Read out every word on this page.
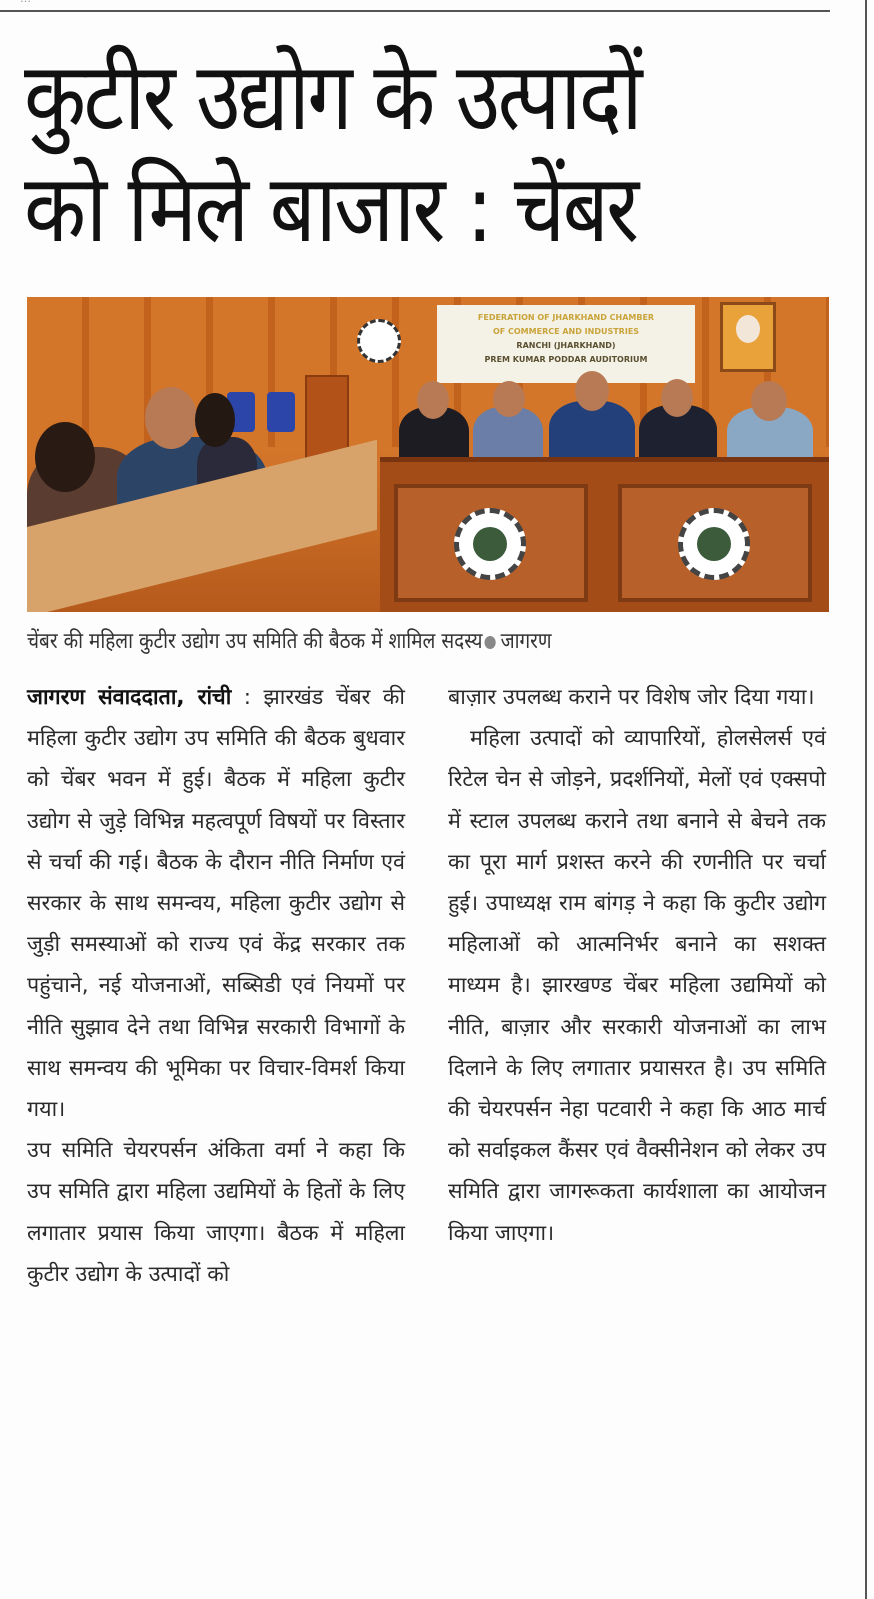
कुटीर उद्योग के उत्पादों
को मिले बाजार : चेंबर
FEDERATION OF JHARKHAND CHAMBER
OF COMMERCE AND INDUSTRIES
RANCHI (JHARKHAND)
PREM KUMAR PODDAR AUDITORIUM
चेंबर की महिला कुटीर उद्योग उप समिति की बैठक में शामिल सदस्य जागरण

जागरण संवाददाता, रांची : झारखंड चेंबर की महिला कुटीर उद्योग उप समिति की बैठक बुधवार को चेंबर भवन में हुई। बैठक में महिला कुटीर उद्योग से जुड़े विभिन्न महत्वपूर्ण विषयों पर विस्तार से चर्चा की गई। बैठक के दौरान नीति निर्माण एवं सरकार के साथ समन्वय, महिला कुटीर उद्योग से जुड़ी समस्याओं को राज्य एवं केंद्र सरकार तक पहुंचाने, नई योजनाओं, सब्सिडी एवं नियमों पर नीति सुझाव देने तथा विभिन्न सरकारी विभागों के साथ समन्वय की भूमिका पर विचार-विमर्श किया गया।

उप समिति चेयरपर्सन अंकिता वर्मा ने कहा कि उप समिति द्वारा महिला उद्यमियों के हितों के लिए लगातार प्रयास किया जाएगा। बैठक में महिला कुटीर उद्योग के उत्पादों को

बाज़ार उपलब्ध कराने पर विशेष जोर दिया गया।

महिला उत्पादों को व्यापारियों, होलसेलर्स एवं रिटेल चेन से जोड़ने, प्रदर्शनियों, मेलों एवं एक्सपो में स्टाल उपलब्ध कराने तथा बनाने से बेचने तक का पूरा मार्ग प्रशस्त करने की रणनीति पर चर्चा हुई। उपाध्यक्ष राम बांगड़ ने कहा कि कुटीर उद्योग महिलाओं को आत्मनिर्भर बनाने का सशक्त माध्यम है। झारखण्ड चेंबर महिला उद्यमियों को नीति, बाज़ार और सरकारी योजनाओं का लाभ दिलाने के लिए लगातार प्रयासरत है। उप समिति की चेयरपर्सन नेहा पटवारी ने कहा कि आठ मार्च को सर्वाइकल कैंसर एवं वैक्सीनेशन को लेकर उप समिति द्वारा जागरूकता कार्यशाला का आयोजन किया जाएगा।
